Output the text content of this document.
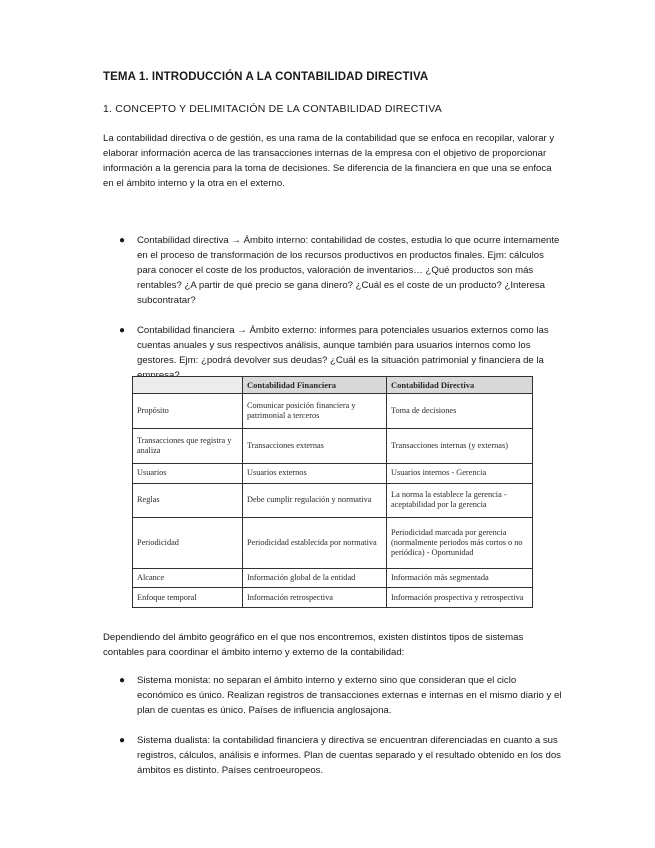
TEMA 1. INTRODUCCIÓN A LA CONTABILIDAD DIRECTIVA
1. CONCEPTO Y DELIMITACIÓN DE LA CONTABILIDAD DIRECTIVA

La contabilidad directiva o de gestión, es una rama de la contabilidad que se enfoca en recopilar, valorar y elaborar información acerca de las transacciones internas de la empresa con el objetivo de proporcionar información a la gerencia para la toma de decisiones. Se diferencia de la financiera en que una se enfoca en el ámbito interno y la otra en el externo.

● Contabilidad directiva → Ámbito interno: contabilidad de costes, estudia lo que ocurre internamente en el proceso de transformación de los recursos productivos en productos finales. Ejm: cálculos para conocer el coste de los productos, valoración de inventarios… ¿Qué productos son más rentables? ¿A partir de qué precio se gana dinero? ¿Cuál es el coste de un producto? ¿Interesa subcontratar?
● Contabilidad financiera → Ámbito externo: informes para potenciales usuarios externos como las cuentas anuales y sus respectivos análisis, aunque también para usuarios internos como los gestores. Ejm: ¿podrá devolver sus deudas? ¿Cuál es la situación patrimonial y financiera de la
	Contabilidad Financiera	Contabilidad Directiva
Propósito	Comunicar posición financiera y patrimonial a terceros	Toma de decisiones
Transacciones que registra y analiza	Transacciones externas	Transacciones internas (y externas)
Usuarios	Usuarios externos	Usuarios internos - Gerencia
Reglas	Debe cumplir regulación y normativa	La norma la establece la gerencia - aceptabilidad por la gerencia
Periodicidad	Periodicidad establecida por normativa	Periodicidad marcada por gerencia (normalmente periodos más cortos o no periódica) - Oportunidad
Alcance	Información global de la entidad	Información más segmentada
Enfoque temporal	Información retrospectiva	Información prospectiva y retrospectiva

Dependiendo del ámbito geográfico en el que nos encontremos, existen distintos tipos de sistemas contables para coordinar el ámbito interno y externo de la contabilidad:

● Sistema monista: no separan el ámbito interno y externo sino que consideran que el ciclo económico es único. Realizan registros de transacciones externas e internas en el mismo diario y el plan de cuentas es único. Países de influencia anglosajona.
● Sistema dualista: la contabilidad financiera y directiva se encuentran diferenciadas en cuanto a sus registros, cálculos, análisis e informes. Plan de cuentas separado y el resultado obtenido en los dos ámbitos es distinto. Países centroeuropeos.
